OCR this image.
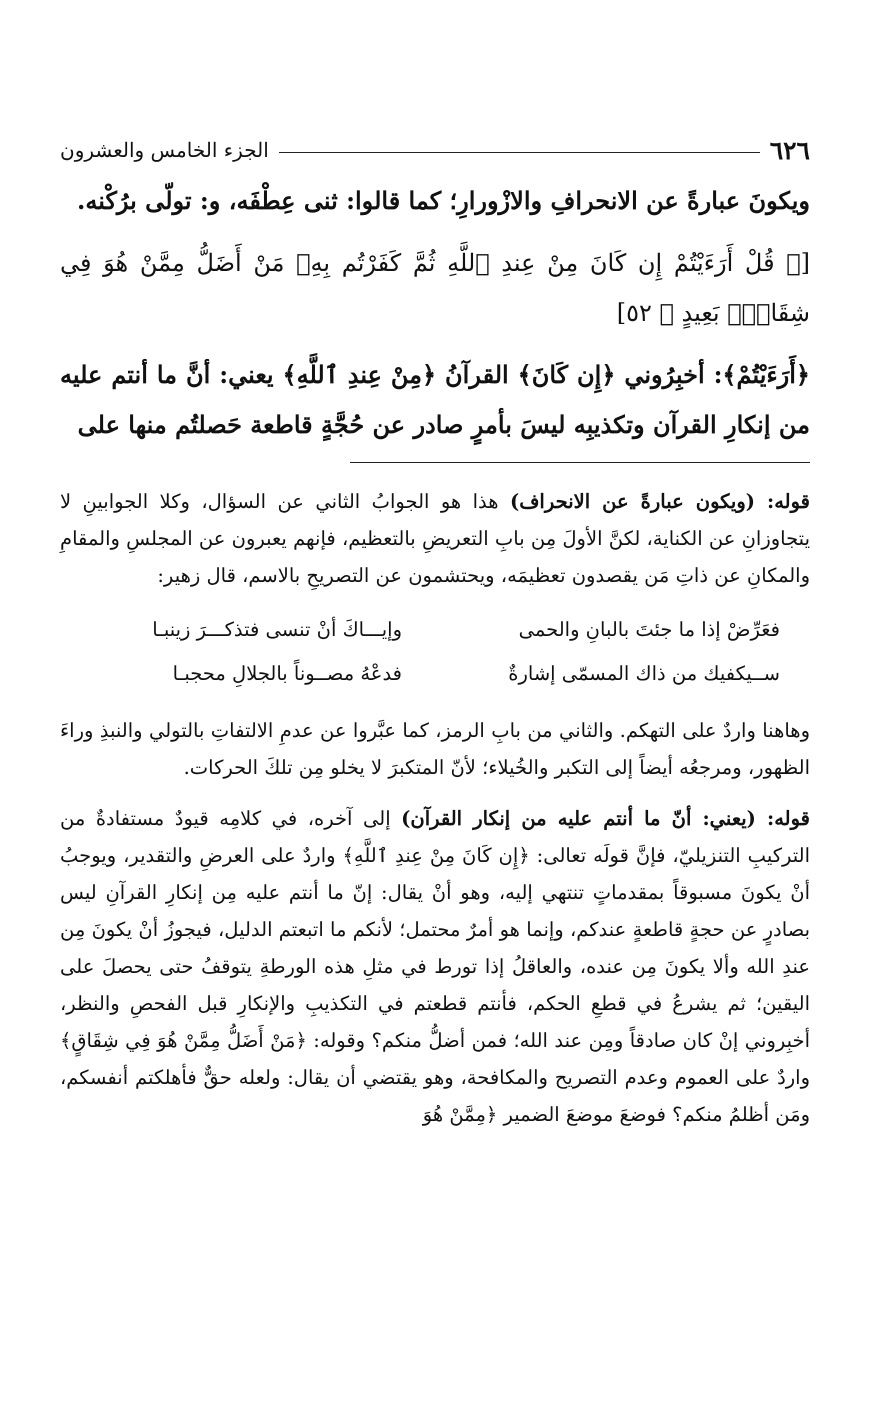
٦٢٦
الجزء الخامس والعشرون

ويكونَ عبارةً عن الانحرافِ والازْورارِ؛ كما قالوا: ثنى عِطْفَه، و: تولّى برُكْنه.

[﴿ قُلْ أَرَءَيْتُمْ إِن كَانَ مِنْ عِندِ ٱللَّهِ ثُمَّ كَفَرْتُم بِهِۦ مَنْ أَضَلُّ مِمَّنْ هُوَ فِي شِقَاقٍۭ بَعِيدٍ ﴾ ٥٢]

﴿أَرَءَيْتُمْ﴾: أخبِرُوني ﴿إِن كَانَ﴾ القرآنُ ﴿مِنْ عِندِ ٱللَّهِ﴾ يعني: أنَّ ما أنتم عليه من إنكارِ القرآن وتكذيبِه ليسَ بأمرٍ صادر عن حُجَّةٍ قاطعة حَصلتُم منها على

قوله: (ويكون عبارةً عن الانحراف) هذا هو الجوابُ الثاني عن السؤال، وكلا الجوابينِ لا يتجاوزانِ عن الكناية، لكنَّ الأولَ مِن بابِ التعريضِ بالتعظيم، فإنهم يعبرون عن المجلسِ والمقامِ والمكانِ عن ذاتِ مَن يقصدون تعظيمَه، ويحتشمون عن التصريحِ بالاسم، قال زهير:

فعَرِّضْ إذا ما جئتَ بالبانِ والحمى
وإيـــاكَ أنْ تنسى فتذكـــرَ زينبـا
ســيكفيك من ذاك المسمّى إشارةٌ
فدعْهُ مصــوناً بالجلالِ محجبـا

وهاهنا واردٌ على التهكم. والثاني من بابِ الرمز، كما عبَّروا عن عدمِ الالتفاتِ بالتولي والنبذِ وراءَ الظهور، ومرجعُه أيضاً إلى التكبر والخُيلاء؛ لأنّ المتكبرَ لا يخلو مِن تلكَ الحركات.

قوله: (يعني: أنّ ما أنتم عليه من إنكار القرآن) إلى آخره، في كلامِه قيودٌ مستفادةٌ من التركيبِ التنزيليّ، فإنَّ قولَه تعالى: ﴿إِن كَانَ مِنْ عِندِ ٱللَّهِ﴾ واردٌ على العرضِ والتقدير، ويوجبُ أنْ يكونَ مسبوقاً بمقدماتٍ تنتهي إليه، وهو أنْ يقال: إنّ ما أنتم عليه مِن إنكارِ القرآنِ ليس بصادرٍ عن حجةٍ قاطعةٍ عندكم، وإنما هو أمرٌ محتمل؛ لأنكم ما اتبعتم الدليل، فيجوزُ أنْ يكونَ مِن عندِ الله وألا يكونَ مِن عنده، والعاقلُ إذا تورط في مثلِ هذه الورطةِ يتوقفُ حتى يحصلَ على اليقين؛ ثم يشرعُ في قطعِ الحكم، فأنتم قطعتم في التكذيبِ والإنكارِ قبل الفحصِ والنظر، أخبِروني إنْ كان صادقاً ومِن عند الله؛ فمن أضلُّ منكم؟ وقوله: ﴿مَنْ أَضَلُّ مِمَّنْ هُوَ فِي شِقَاقٍ﴾ واردٌ على العموم وعدم التصريح والمكافحة، وهو يقتضي أن يقال: ولعله حقٌّ فأهلكتم أنفسكم، ومَن أظلمُ منكم؟ فوضعَ موضعَ الضمير ﴿مِمَّنْ هُوَ
